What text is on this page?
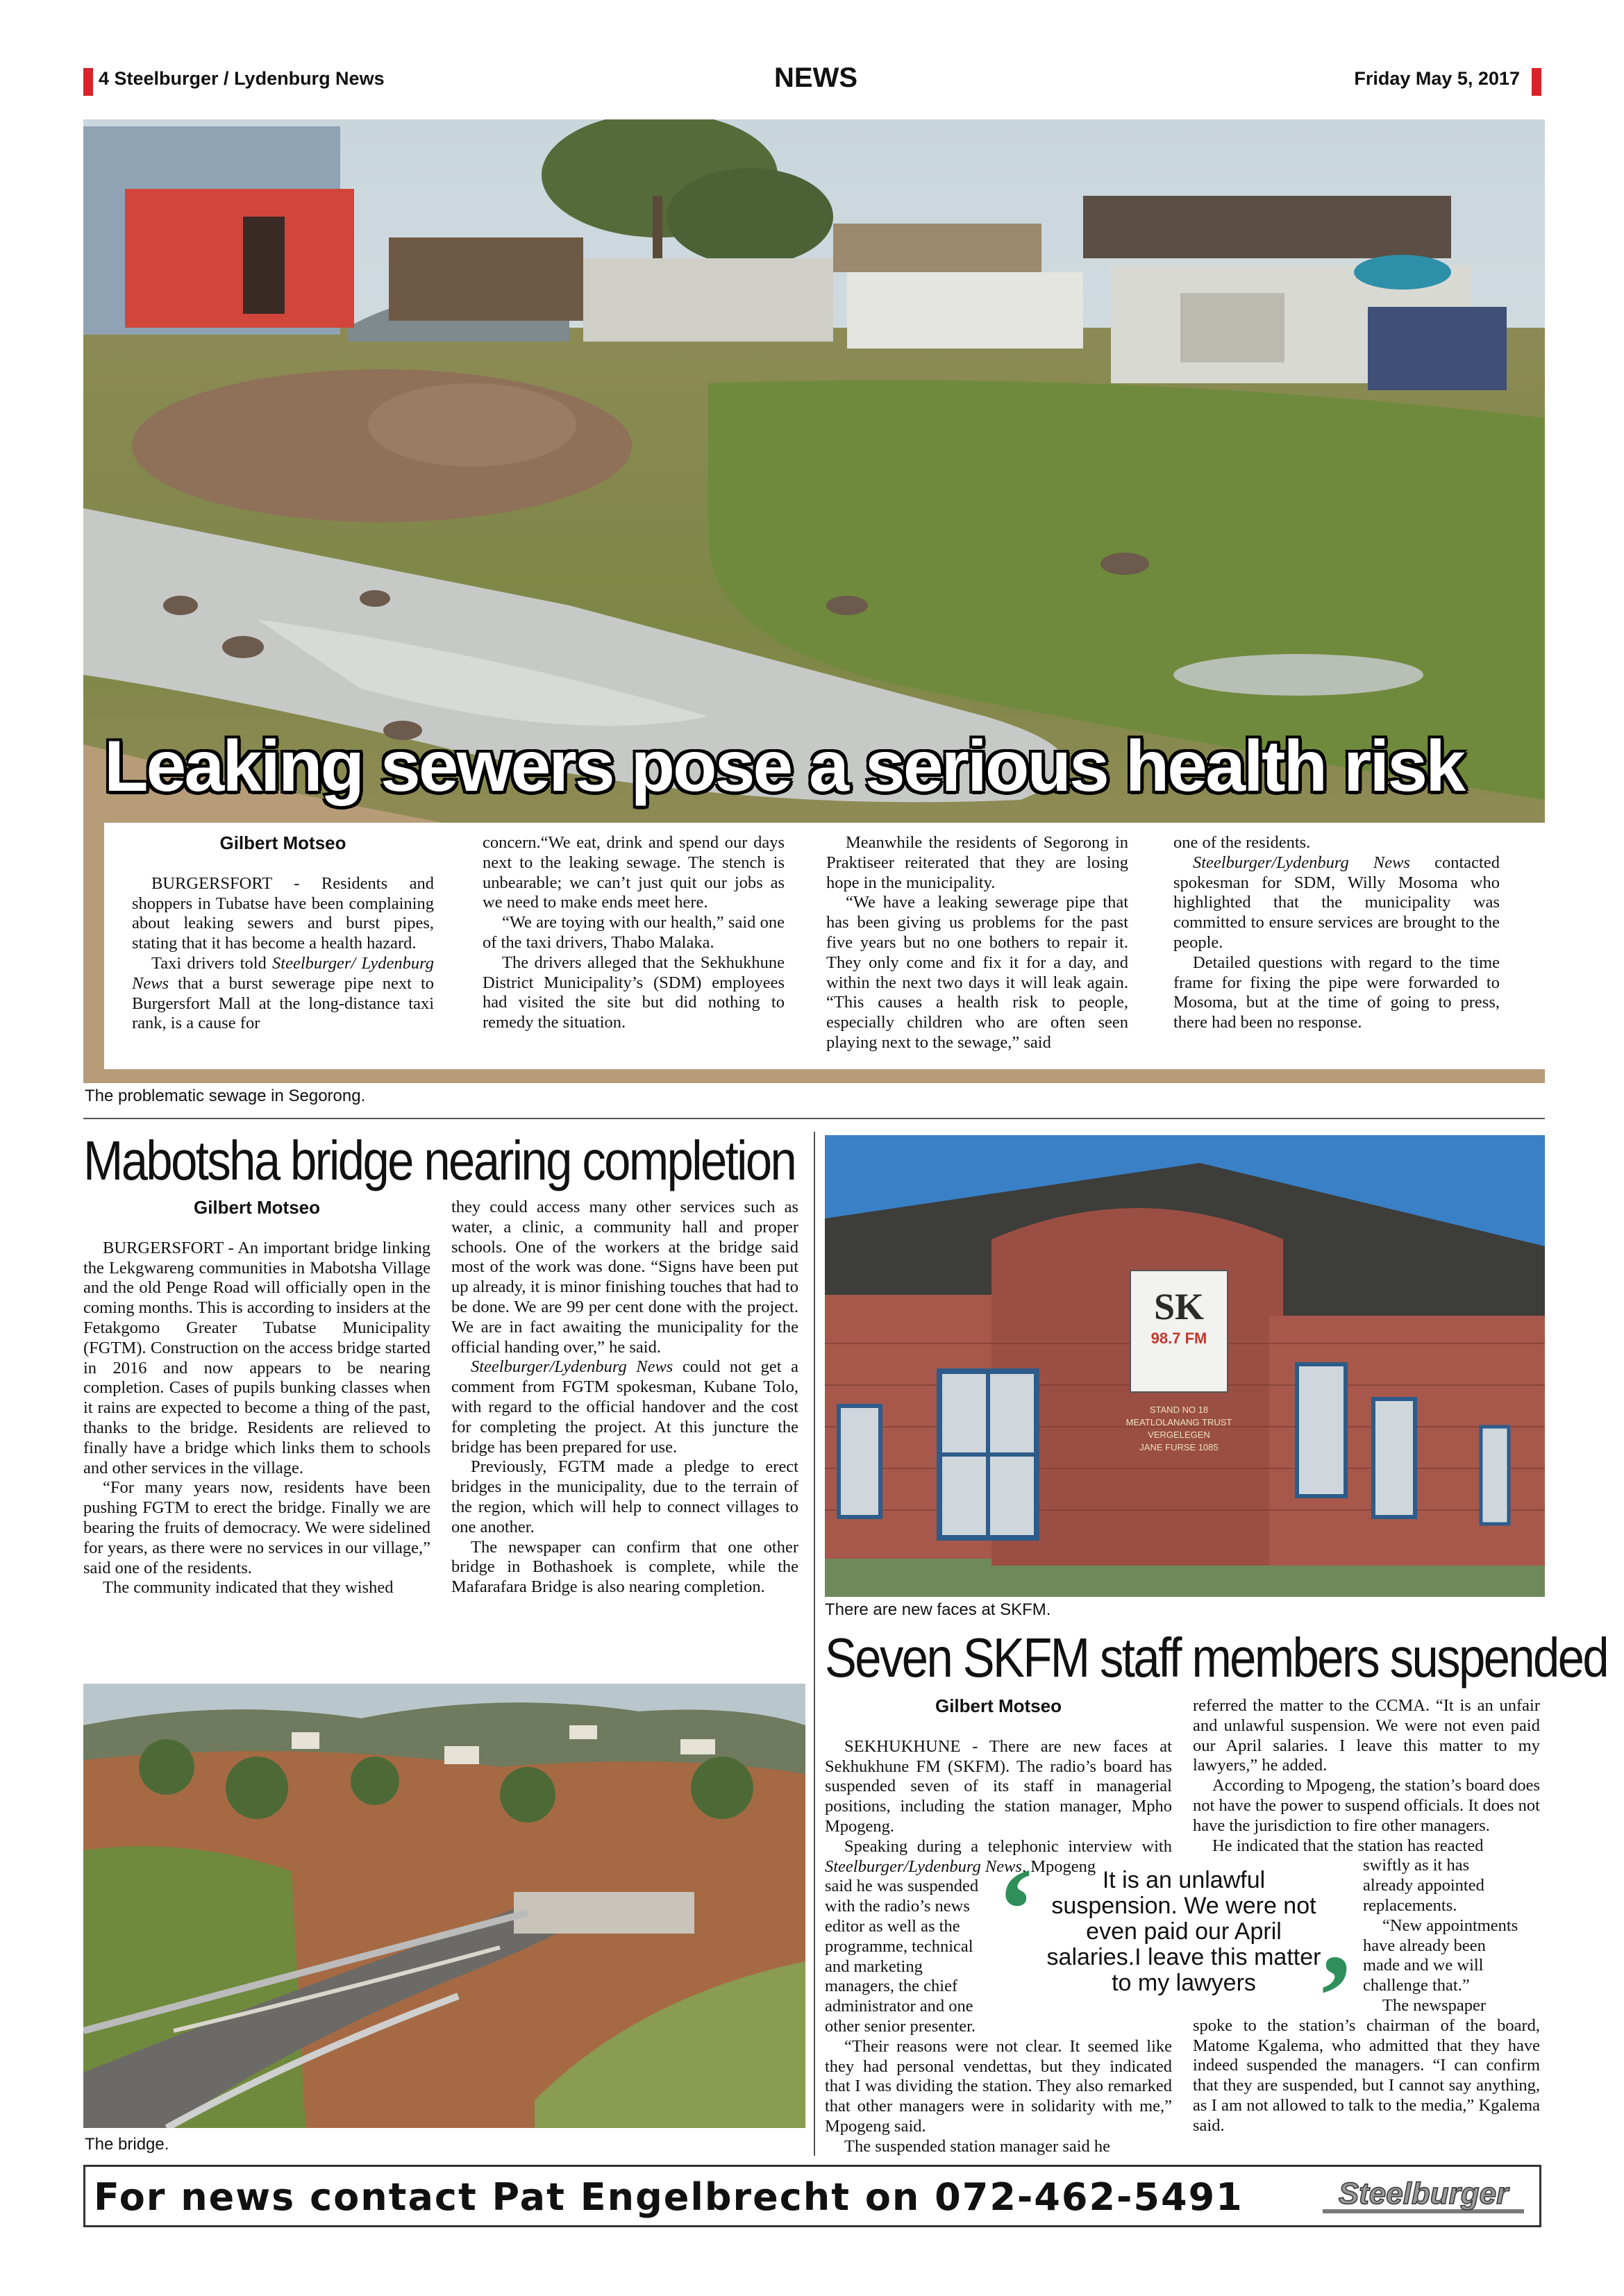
4 Steelburger / Lydenburg News	NEWS	Friday May 5, 2017
Leaking sewers pose a serious health risk

Gilbert Motseo

BURGERSFORT - Residents and shoppers in Tubatse have been complaining about leaking sewers and burst pipes, stating that it has become a health hazard.

Taxi drivers told Steelburger/ Lydenburg News that a burst sewerage pipe next to Burgersfort Mall at the long-distance taxi rank, is a cause for

concern.“We eat, drink and spend our days next to the leaking sewage. The stench is unbearable; we can’t just quit our jobs as we need to make ends meet here.

“We are toying with our health,” said one of the taxi drivers, Thabo Malaka.

The drivers alleged that the Sekhukhune District Municipality’s (SDM) employees had visited the site but did nothing to remedy the situation.

Meanwhile the residents of Segorong in Praktiseer reiterated that they are losing hope in the municipality.

“We have a leaking sewerage pipe that has been giving us problems for the past five years but no one bothers to repair it. They only come and fix it for a day, and within the next two days it will leak again. “This causes a health risk to people, especially children who are often seen playing next to the sewage,” said

one of the residents.

Steelburger/Lydenburg News contacted spokesman for SDM, Willy Mosoma who highlighted that the municipality was committed to ensure services are brought to the people.

Detailed questions with regard to the time frame for fixing the pipe were forwarded to Mosoma, but at the time of going to press, there had been no response.

The problematic sewage in Segorong.
Mabotsha bridge nearing completion

Gilbert Motseo

BURGERSFORT - An important bridge linking the Lekgwareng communities in Mabotsha Village and the old Penge Road will officially open in the coming months. This is according to insiders at the Fetakgomo Greater Tubatse Municipality (FGTM). Construction on the access bridge started in 2016 and now appears to be nearing completion. Cases of pupils bunking classes when it rains are expected to become a thing of the past, thanks to the bridge. Residents are relieved to finally have a bridge which links them to schools and other services in the village.

“For many years now, residents have been pushing FGTM to erect the bridge. Finally we are bearing the fruits of democracy. We were sidelined for years, as there were no services in our village,” said one of the residents.

The community indicated that they wished

they could access many other services such as water, a clinic, a community hall and proper schools. One of the workers at the bridge said most of the work was done. “Signs have been put up already, it is minor finishing touches that had to be done. We are 99 per cent done with the project. We are in fact awaiting the municipality for the official handing over,” he said.

Steelburger/Lydenburg News could not get a comment from FGTM spokesman, Kubane Tolo, with regard to the official handover and the cost for completing the project. At this juncture the bridge has been prepared for use.

Previously, FGTM made a pledge to erect bridges in the municipality, due to the terrain of the region, which will help to connect villages to one another.

The newspaper can confirm that one other bridge in Bothashoek is complete, while the Mafarafara Bridge is also nearing completion.

The bridge.
SK
98.7 FM
STAND NO 18
MEATLOLANANG TRUST
VERGELEGEN
JANE FURSE 1085
There are new faces at SKFM.
Seven SKFM staff members suspended

Gilbert Motseo

SEKHUKHUNE - There are new faces at Sekhukhune FM (SKFM). The radio’s board has suspended seven of its staff in managerial positions, including the station manager, Mpho Mpogeng.

Speaking during a telephonic interview with Steelburger/Lydenburg News, Mpogeng

said he was suspended
with the radio’s news
editor as well as the
programme, technical
and marketing
managers, the chief
administrator and one
other senior presenter.

“Their reasons were not clear. It seemed like they had personal vendettas, but they indicated that I was dividing the station. They also remarked that other managers were in solidarity with me,” Mpogeng said.

The suspended station manager said he

referred the matter to the CCMA. “It is an unfair and unlawful suspension. We were not even paid our April salaries. I leave this matter to my lawyers,” he added.

According to Mpogeng, the station’s board does not have the power to suspend officials. It does not have the jurisdiction to fire other managers.

He indicated that the station has reacted

swiftly as it has
already appointed
replacements.
“New appointments
have already been
made and we will
challenge that.”
The newspaper

spoke to the station’s chairman of the board, Matome Kgalema, who admitted that they have indeed suspended the managers. “I can confirm that they are suspended, but I cannot say anything, as I am not allowed to talk to the media,” Kgalema said.

‘	It is an unlawful suspension. We were not even paid our April salaries.I leave this matter to my lawyers ’
For news contact Pat Engelbrecht on 072-462-5491	Steelburger
